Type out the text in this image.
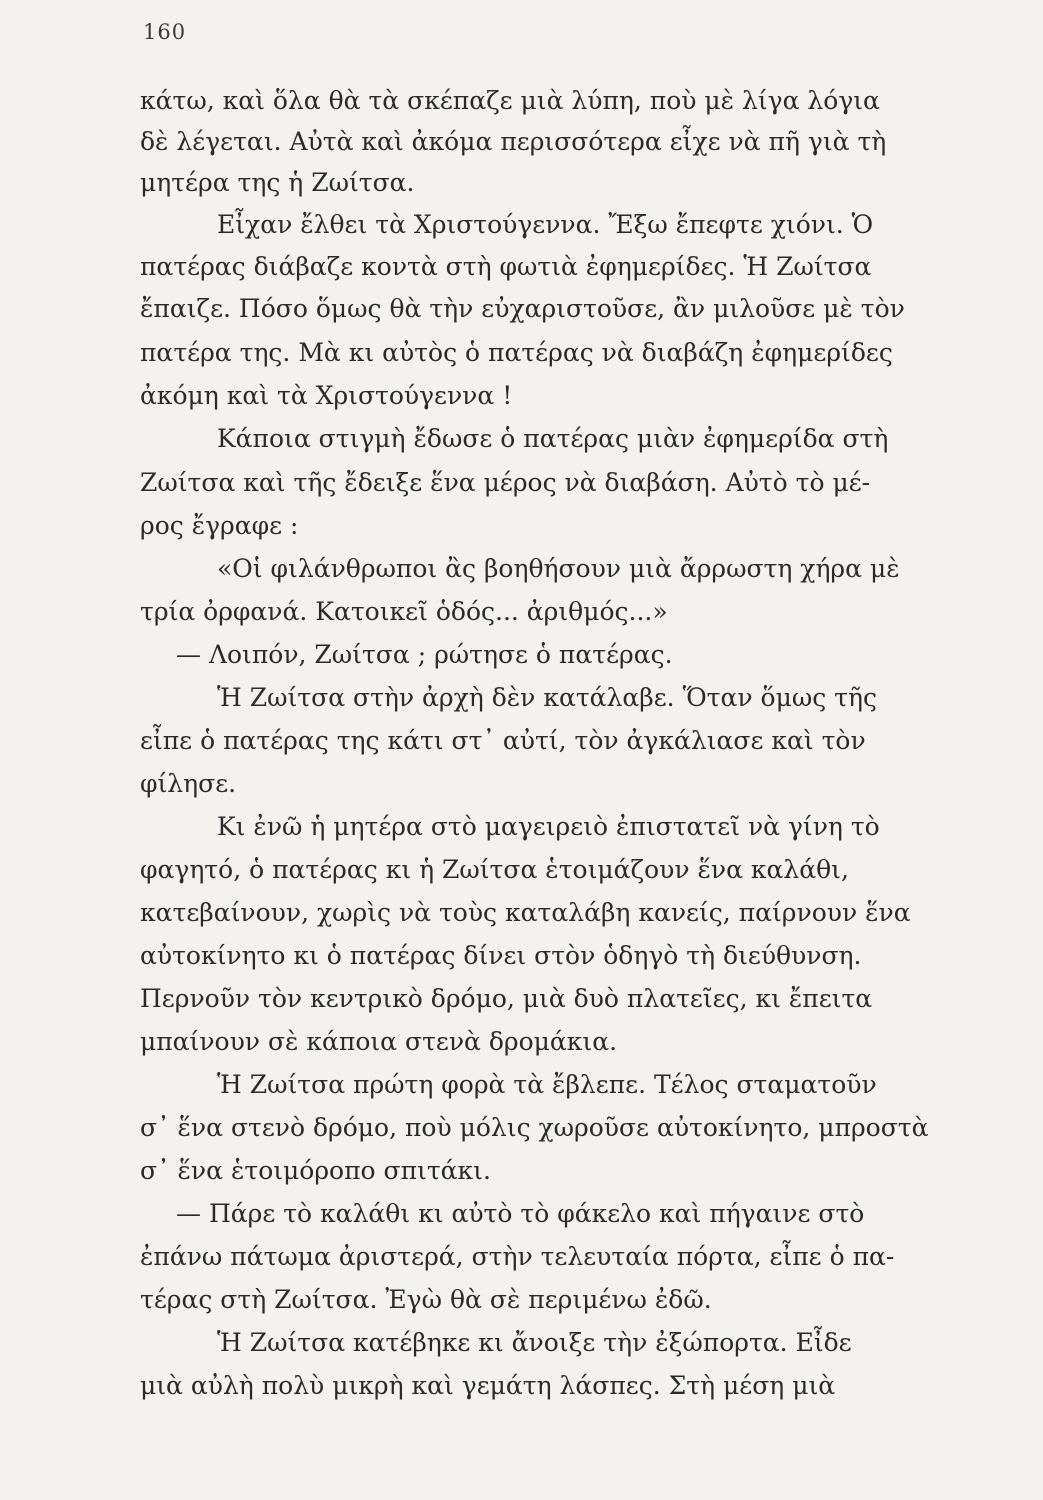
160
κάτω, καὶ ὅλα θὰ τὰ σκέπαζε μιὰ λύπη, ποὺ μὲ λίγα λόγια
δὲ λέγεται. Αὐτὰ καὶ ἀκόμα περισσότερα εἶχε νὰ πῆ γιὰ τὴ
μητέρα της ἡ Ζωίτσα.
Εἶχαν ἔλθει τὰ Χριστούγεννα. Ἔξω ἔπεφτε χιόνι. Ὁ
πατέρας διάβαζε κοντὰ στὴ φωτιὰ ἐφημερίδες. Ἡ Ζωίτσα
ἔπαιζε. Πόσο ὅμως θὰ τὴν εὐχαριστοῦσε, ἂν μιλοῦσε μὲ τὸν
πατέρα της. Μὰ κι αὐτὸς ὁ πατέρας νὰ διαβάζη ἐφημερίδες
ἀκόμη καὶ τὰ Χριστούγεννα !
Κάποια στιγμὴ ἔδωσε ὁ πατέρας μιὰν ἐφημερίδα στὴ
Ζωίτσα καὶ τῆς ἔδειξε ἕνα μέρος νὰ διαβάση. Αὐτὸ τὸ μέ-
ρος ἔγραφε :
«Οἱ φιλάνθρωποι ἂς βοηθήσουν μιὰ ἄρρωστη χήρα μὲ
τρία ὀρφανά. Κατοικεῖ ὁδός... ἀριθμός...»
— Λοιπόν, Ζωίτσα ; ρώτησε ὁ πατέρας.
Ἡ Ζωίτσα στὴν ἀρχὴ δὲν κατάλαβε. Ὅταν ὅμως τῆς
εἶπε ὁ πατέρας της κάτι στ᾿ αὐτί, τὸν ἀγκάλιασε καὶ τὸν
φίλησε.
Κι ἐνῶ ἡ μητέρα στὸ μαγειρειὸ ἐπιστατεῖ νὰ γίνη τὸ
φαγητό, ὁ πατέρας κι ἡ Ζωίτσα ἑτοιμάζουν ἕνα καλάθι,
κατεβαίνουν, χωρὶς νὰ τοὺς καταλάβη κανείς, παίρνουν ἕνα
αὐτοκίνητο κι ὁ πατέρας δίνει στὸν ὁδηγὸ τὴ διεύθυνση.
Περνοῦν τὸν κεντρικὸ δρόμο, μιὰ δυὸ πλατεῖες, κι ἔπειτα
μπαίνουν σὲ κάποια στενὰ δρομάκια.
Ἡ Ζωίτσα πρώτη φορὰ τὰ ἔβλεπε. Τέλος σταματοῦν
σ᾿ ἕνα στενὸ δρόμο, ποὺ μόλις χωροῦσε αὐτοκίνητο, μπροστὰ
σ᾿ ἕνα ἑτοιμόροπο σπιτάκι.
— Πάρε τὸ καλάθι κι αὐτὸ τὸ φάκελο καὶ πήγαινε στὸ
ἐπάνω πάτωμα ἀριστερά, στὴν τελευταία πόρτα, εἶπε ὁ πα-
τέρας στὴ Ζωίτσα. Ἐγὼ θὰ σὲ περιμένω ἐδῶ.
Ἡ Ζωίτσα κατέβηκε κι ἄνοιξε τὴν ἐξώπορτα. Εἶδε
μιὰ αὐλὴ πολὺ μικρὴ καὶ γεμάτη λάσπες. Στὴ μέση μιὰ
